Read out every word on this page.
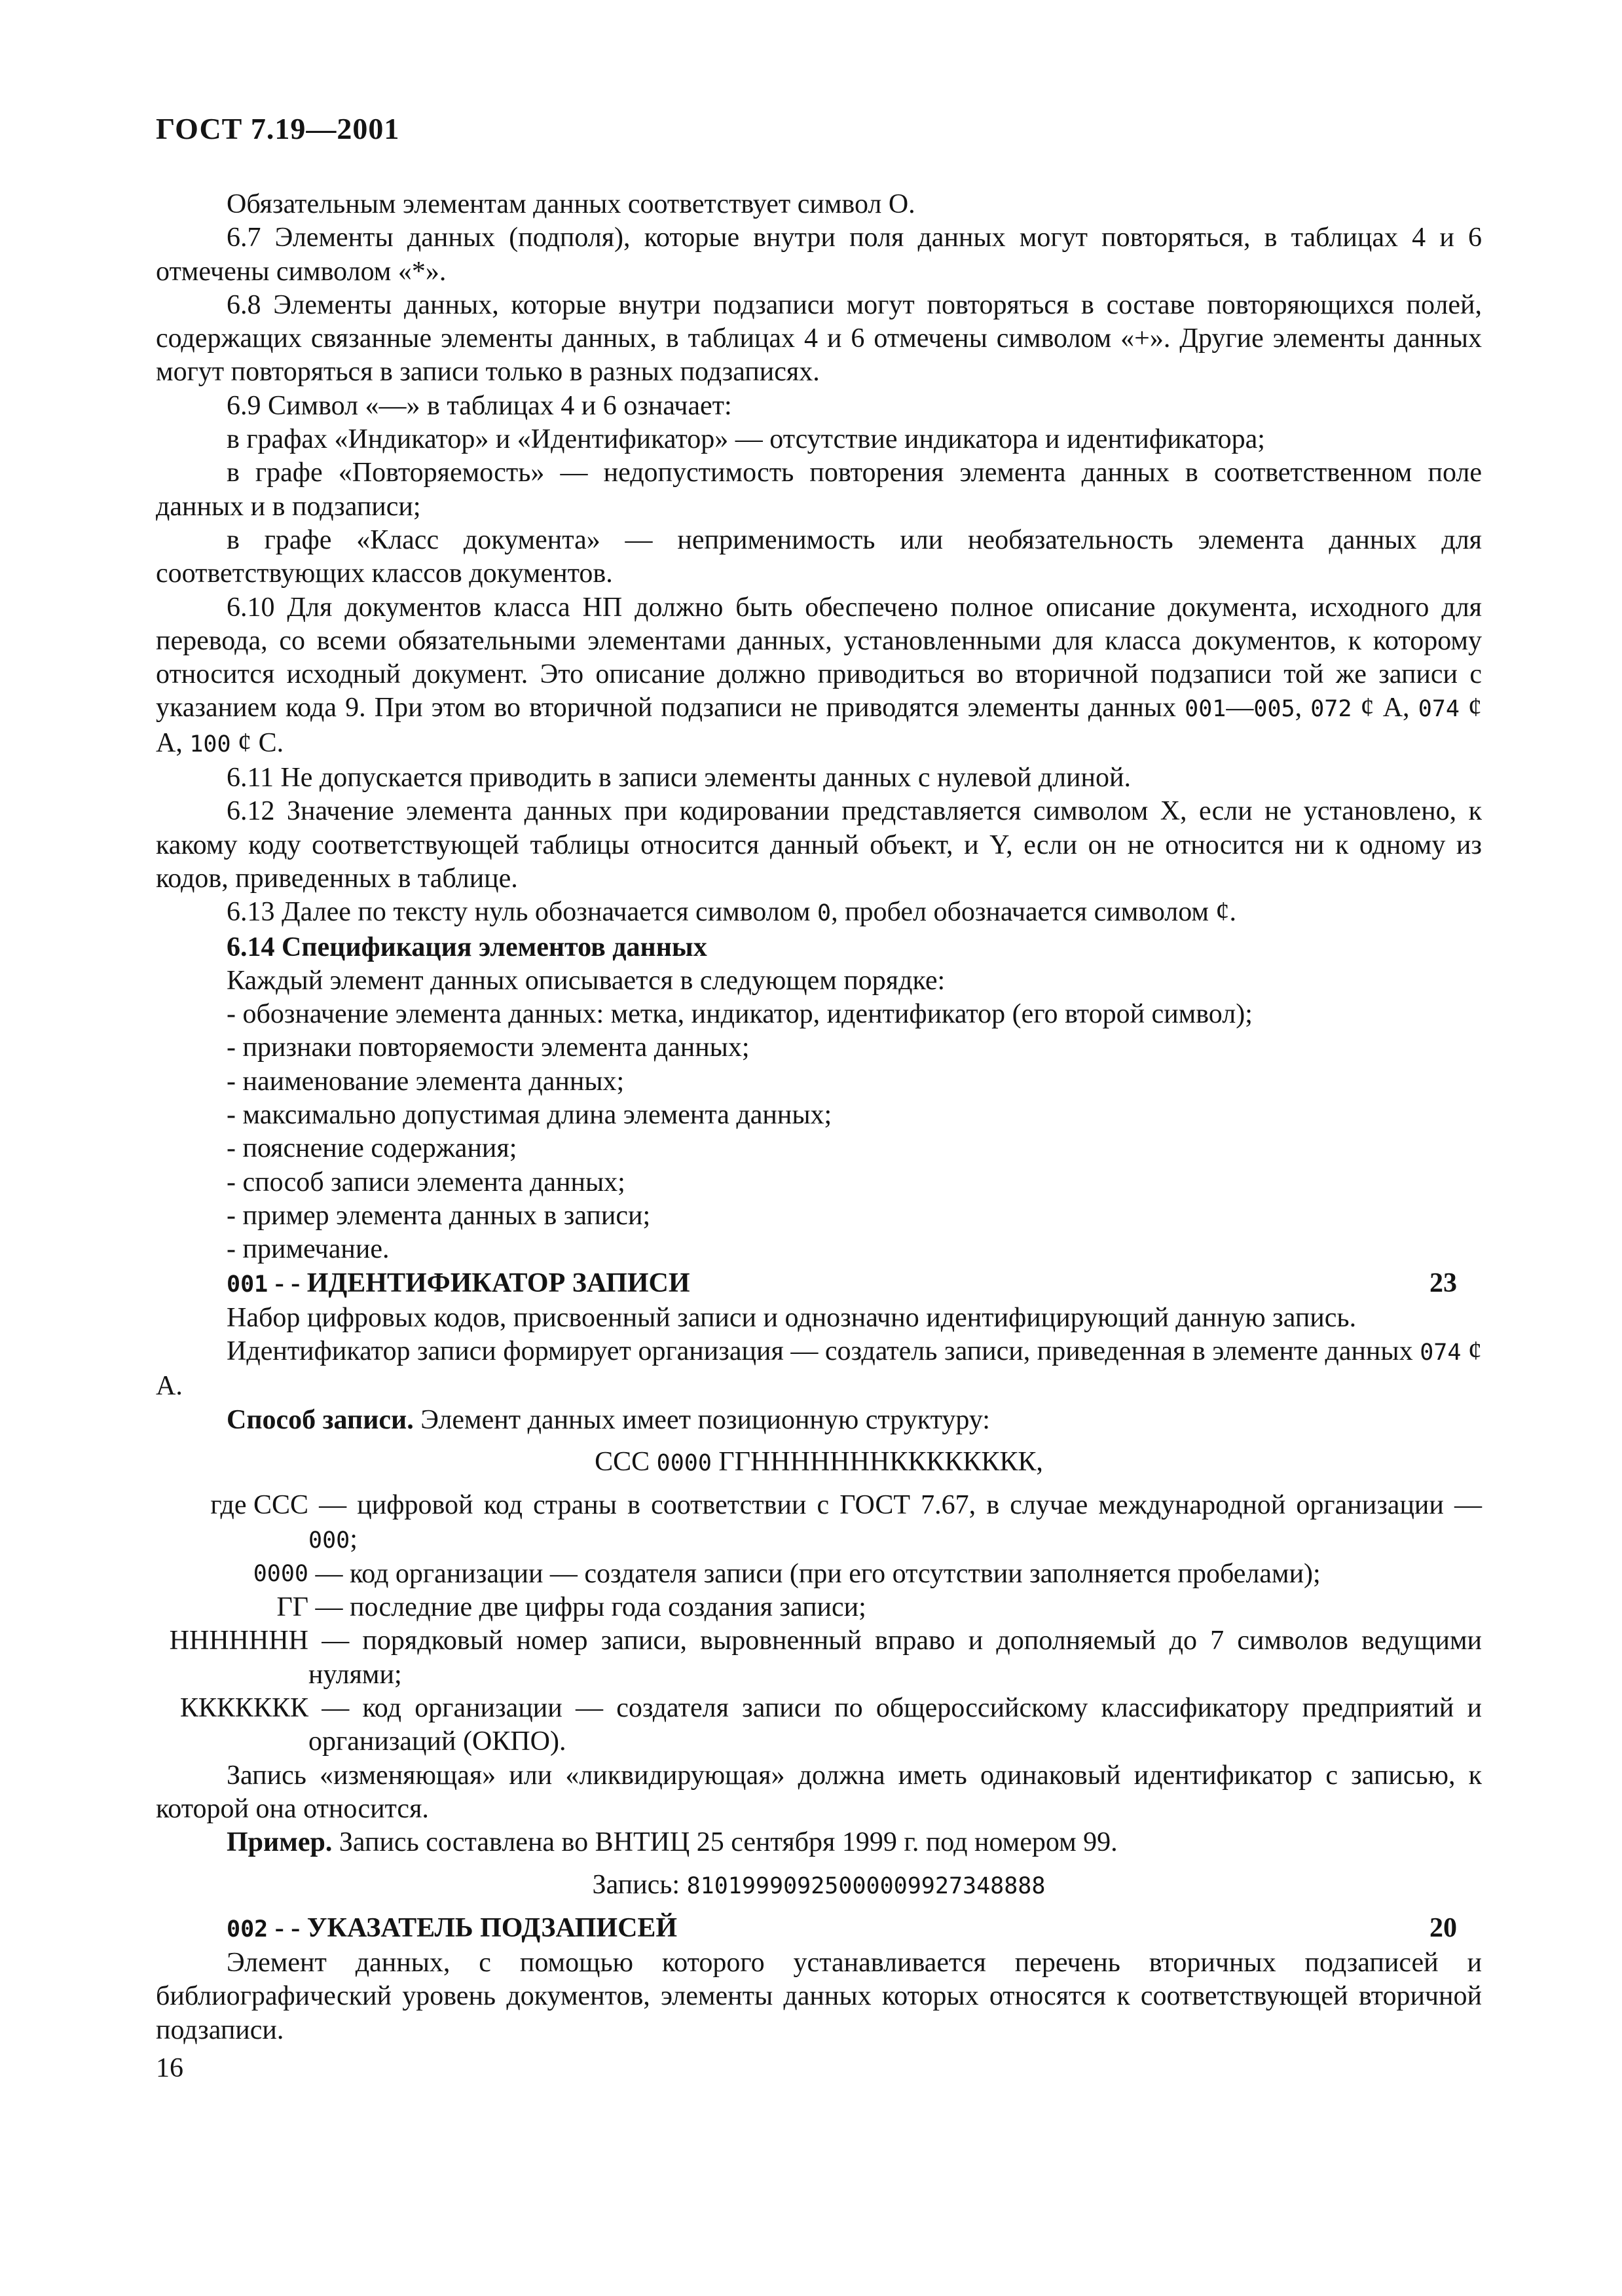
ГОСТ 7.19—2001

Обязательным элементам данных соответствует символ О.

6.7 Элементы данных (подполя), которые внутри поля данных могут повторяться, в таблицах 4 и 6 отмечены символом «*».

6.8 Элементы данных, которые внутри подзаписи могут повторяться в составе повторяющихся полей, содержащих связанные элементы данных, в таблицах 4 и 6 отмечены символом «+». Другие элементы данных могут повторяться в записи только в разных подзаписях.

6.9 Символ «—» в таблицах 4 и 6 означает:

в графах «Индикатор» и «Идентификатор» — отсутствие индикатора и идентификатора;

в графе «Повторяемость» — недопустимость повторения элемента данных в соответственном поле данных и в подзаписи;

в графе «Класс документа» — неприменимость или необязательность элемента данных для соответствующих классов документов.

6.10 Для документов класса НП должно быть обеспечено полное описание документа, исходного для перевода, со всеми обязательными элементами данных, установленными для класса документов, к которому относится исходный документ. Это описание должно приводиться во вторичной подзаписи той же записи с указанием кода 9. При этом во вторичной подзаписи не приводятся элементы данных 001—005, 072 ȼ А, 074 ȼ А, 100 ȼ С.

6.11 Не допускается приводить в записи элементы данных с нулевой длиной.

6.12 Значение элемента данных при кодировании представляется символом X, если не установлено, к какому коду соответствующей таблицы относится данный объект, и Y, если он не относится ни к одному из кодов, приведенных в таблице.

6.13 Далее по тексту нуль обозначается символом 0, пробел обозначается символом ȼ.

6.14 Спецификация элементов данных

Каждый элемент данных описывается в следующем порядке:

- обозначение элемента данных: метка, индикатор, идентификатор (его второй символ);

- признаки повторяемости элемента данных;

- наименование элемента данных;

- максимально допустимая длина элемента данных;

- пояснение содержания;

- способ записи элемента данных;

- пример элемента данных в записи;

- примечание.

001 - - ИДЕНТИФИКАТОР ЗАПИСИ	23

Набор цифровых кодов, присвоенный записи и однозначно идентифицирующий данную запись.

Идентификатор записи формирует организация — создатель записи, приведенная в элементе данных 074 ȼ А.

Способ записи. Элемент данных имеет позиционную структуру:

ССС 0000 ГГНННННННКККККККК,

где ССС — цифровой код страны в соответствии с ГОСТ 7.67, в случае международной организации — 000;
0000 — код организации — создателя записи (при его отсутствии заполняется пробелами);
ГГ — последние две цифры года создания записи;
ННННННН — порядковый номер записи, выровненный вправо и дополняемый до 7 символов ведущими нулями;
ККККККК — код организации — создателя записи по общероссийскому классификатору предприятий и организаций (ОКПО).

Запись «изменяющая» или «ликвидирующая» должна иметь одинаковый идентификатор с записью, к которой она относится.

Пример. Запись составлена во ВНТИЦ 25 сентября 1999 г. под номером 99.

Запись: 81019990925000009927348888

002 - - УКАЗАТЕЛЬ ПОДЗАПИСЕЙ	20

Элемент данных, с помощью которого устанавливается перечень вторичных подзаписей и библиографический уровень документов, элементы данных которых относятся к соответствующей вторичной подзаписи.

16
